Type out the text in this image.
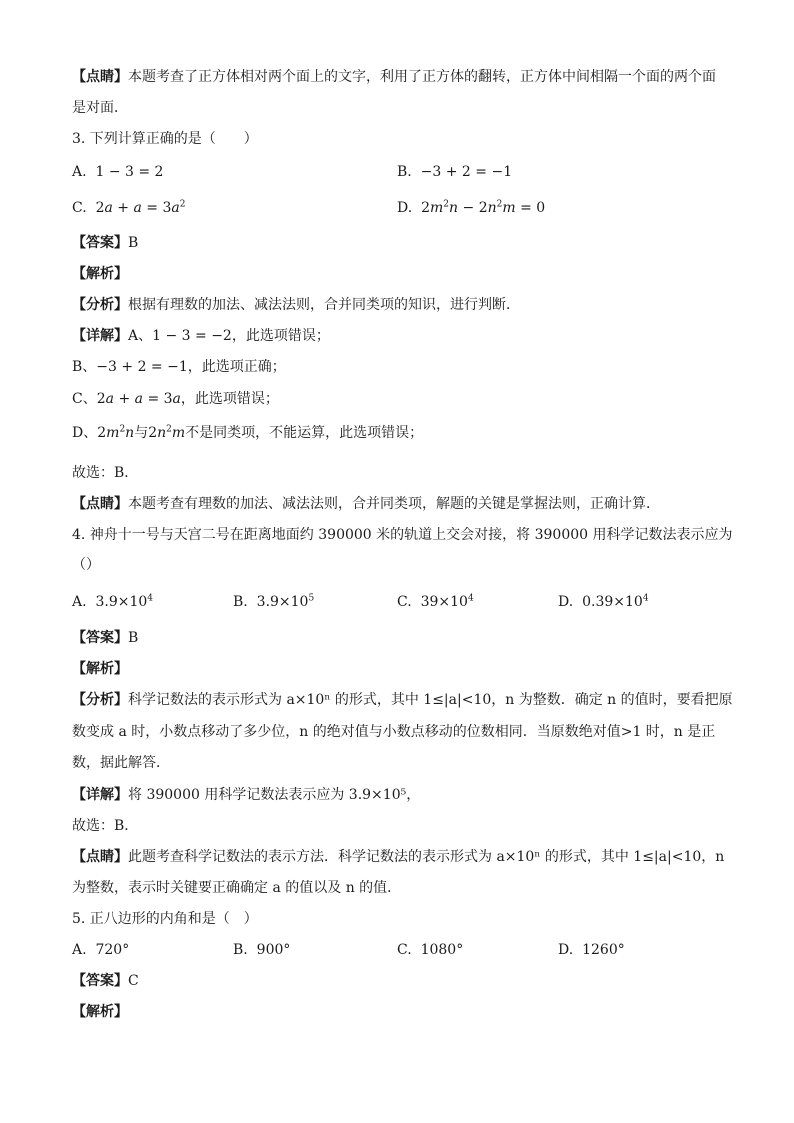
【点睛】本题考查了正方体相对两个面上的文字，利用了正方体的翻转，正方体中间相隔一个面的两个面
是对面．
3. 下列计算正确的是（　　）
A. 1 − 3 = 2	B. −3 + 2 = −1
C. $2a + a = 3a^2$	D. $2m^2n - 2n^2m = 0$
【答案】B
【解析】
【分析】根据有理数的加法、减法法则，合并同类项的知识，进行判断．
【详解】A、1 − 3 = −2，此选项错误；
B、−3 + 2 = −1，此选项正确；
C、2a + a = 3a，此选项错误；
D、$2m^2n$与$2n^2m$不是同类项，不能运算，此选项错误；
故选：B．
【点睛】本题考查有理数的加法、减法法则，合并同类项，解题的关键是掌握法则，正确计算．
4. 神舟十一号与天宫二号在距离地面约 390000 米的轨道上交会对接，将 390000 用科学记数法表示应为
（）
A. $3.9\times 10^4$	B. $3.9\times 10^5$	C. $39\times 10^4$	D. $0.39\times 10^4$
【答案】B
【解析】
【分析】科学记数法的表示形式为 a×10ⁿ 的形式，其中 1≤|a|<10，n 为整数．确定 n 的值时，要看把原
数变成 a 时，小数点移动了多少位，n 的绝对值与小数点移动的位数相同．当原数绝对值>1 时，n 是正
数，据此解答．
【详解】将 390000 用科学记数法表示应为 3.9×10⁵，
故选：B．
【点睛】此题考查科学记数法的表示方法．科学记数法的表示形式为 a×10ⁿ 的形式，其中 1≤|a|<10，n
为整数，表示时关键要正确确定 a 的值以及 n 的值．
5. 正八边形的内角和是（　）
A. 720°	B. 900°	C. 1080°	D. 1260°
【答案】C
【解析】
